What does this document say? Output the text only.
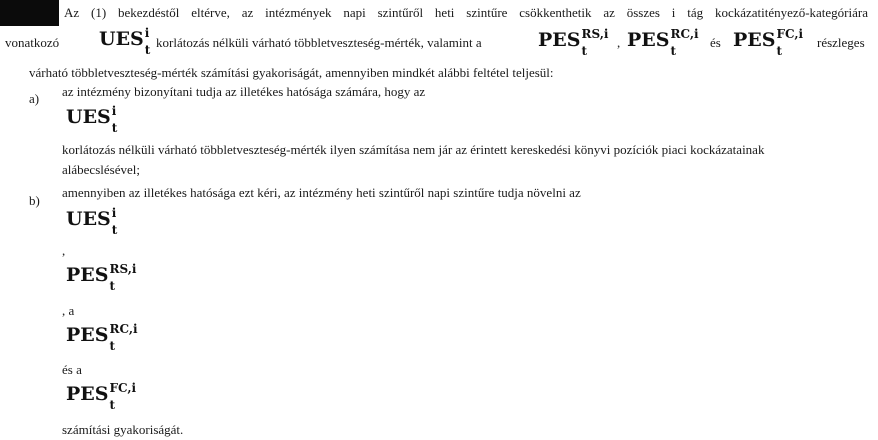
Az (1) bekezdéstől eltérve, az intézmények napi szintűről heti szintűre csökkenthetik az összes i tág kockázatitényező-kategóriára
vonatkozó UES i
t korlátozás nélküli várható többletveszteség-mérték, valamint a	PES RS,i
t
, PES RC,i
t
és PES FC,i
t
részleges
várható többletveszteség-mérték számítási gyakoriságát, amennyiben mindkét alábbi feltétel teljesül:
a) az intézmény bizonyítani tudja az illetékes hatósága számára, hogy az
UES i
t
korlátozás nélküli várható többletveszteség-mérték ilyen számítása nem jár az érintett kereskedési könyvi pozíciók piaci kockázatainak
alábecslésével;
b)
amennyiben az illetékes hatósága ezt kéri, az intézmény heti szintűről napi szintűre tudja növelni az
UES i
t
,
PES RS,i
t
, a
PES RC,i
t
és a
PES FC,i
t
számítási gyakoriságát.
